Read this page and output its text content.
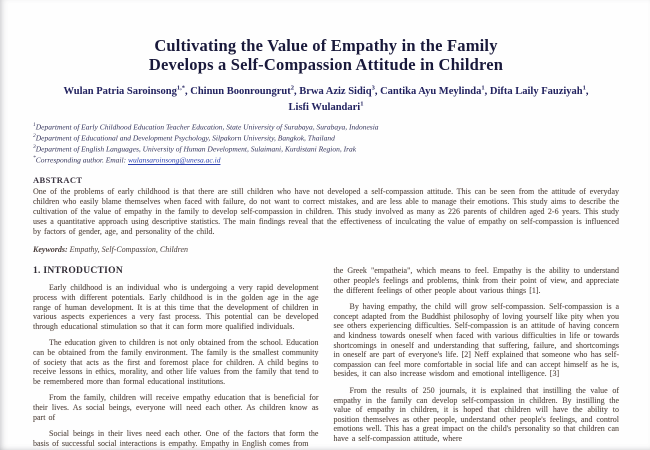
Cultivating the Value of Empathy in the Family
Develops a Self-Compassion Attitude in Children
Wulan Patria Saroinsong$^{1,*}$, Chinun Boonroungrut$^2$, Brwa Aziz Sidiq$^3$, Cantika Ayu Meylinda$^1$, Difta Laily Fauziyah$^1$, Lisfi Wulandari$^1$
$^1$Department of Early Childhood Education Teacher Education, State University of Surabaya, Surabaya, Indonesia
$^2$Department of Educational and Development Psychology, Silpakorn University, Bangkok, Thailand
$^3$Department of English Languages, University of Human Development, Sulaimani, Kurdistani Region, Irak
*Corresponding author. Email: wulansaroinsong@unesa.ac.id
ABSTRACT

One of the problems of early childhood is that there are still children who have not developed a self-compassion attitude. This can be seen from the attitude of everyday children who easily blame themselves when faced with failure, do not want to correct mistakes, and are less able to manage their emotions. This study aims to describe the cultivation of the value of empathy in the family to develop self-compassion in children. This study involved as many as 226 parents of children aged 2-6 years. This study uses a quantitative approach using descriptive statistics. The main findings reveal that the effectiveness of inculcating the value of empathy on self-compassion is influenced by factors of gender, age, and personality of the child.

Keywords: Empathy, Self-Compassion, Children
1. INTRODUCTION

Early childhood is an individual who is undergoing a very rapid development process with different potentials. Early childhood is in the golden age in the age range of human development. It is at this time that the development of children in various aspects experiences a very fast process. This potential can be developed through educational stimulation so that it can form more qualified individuals.

The education given to children is not only obtained from the school. Education can be obtained from the family environment. The family is the smallest community of society that acts as the first and foremost place for children. A child begins to receive lessons in ethics, morality, and other life values from the family that tend to be remembered more than formal educational institutions.

From the family, children will receive empathy education that is beneficial for their lives. As social beings, everyone will need each other. As children know as part of

Social beings in their lives need each other. One of the factors that form the basis of successful social interactions is empathy. Empathy in English comes from

the Greek "empatheia", which means to feel. Empathy is the ability to understand other people's feelings and problems, think from their point of view, and appreciate the different feelings of other people about various things [1].

By having empathy, the child will grow self-compassion. Self-compassion is a concept adapted from the Buddhist philosophy of loving yourself like pity when you see others experiencing difficulties. Self-compassion is an attitude of having concern and kindness towards oneself when faced with various difficulties in life or towards shortcomings in oneself and understanding that suffering, failure, and shortcomings in oneself are part of everyone's life. [2] Neff explained that someone who has self-compassion can feel more comfortable in social life and can accept himself as he is, besides, it can also increase wisdom and emotional intelligence. [3]

From the results of 250 journals, it is explained that instilling the value of empathy in the family can develop self-compassion in children. By instilling the value of empathy in children, it is hoped that children will have the ability to position themselves as other people, understand other people's feelings, and control emotions well. This has a great impact on the child's personality so that children can have a self-compassion attitude, where
